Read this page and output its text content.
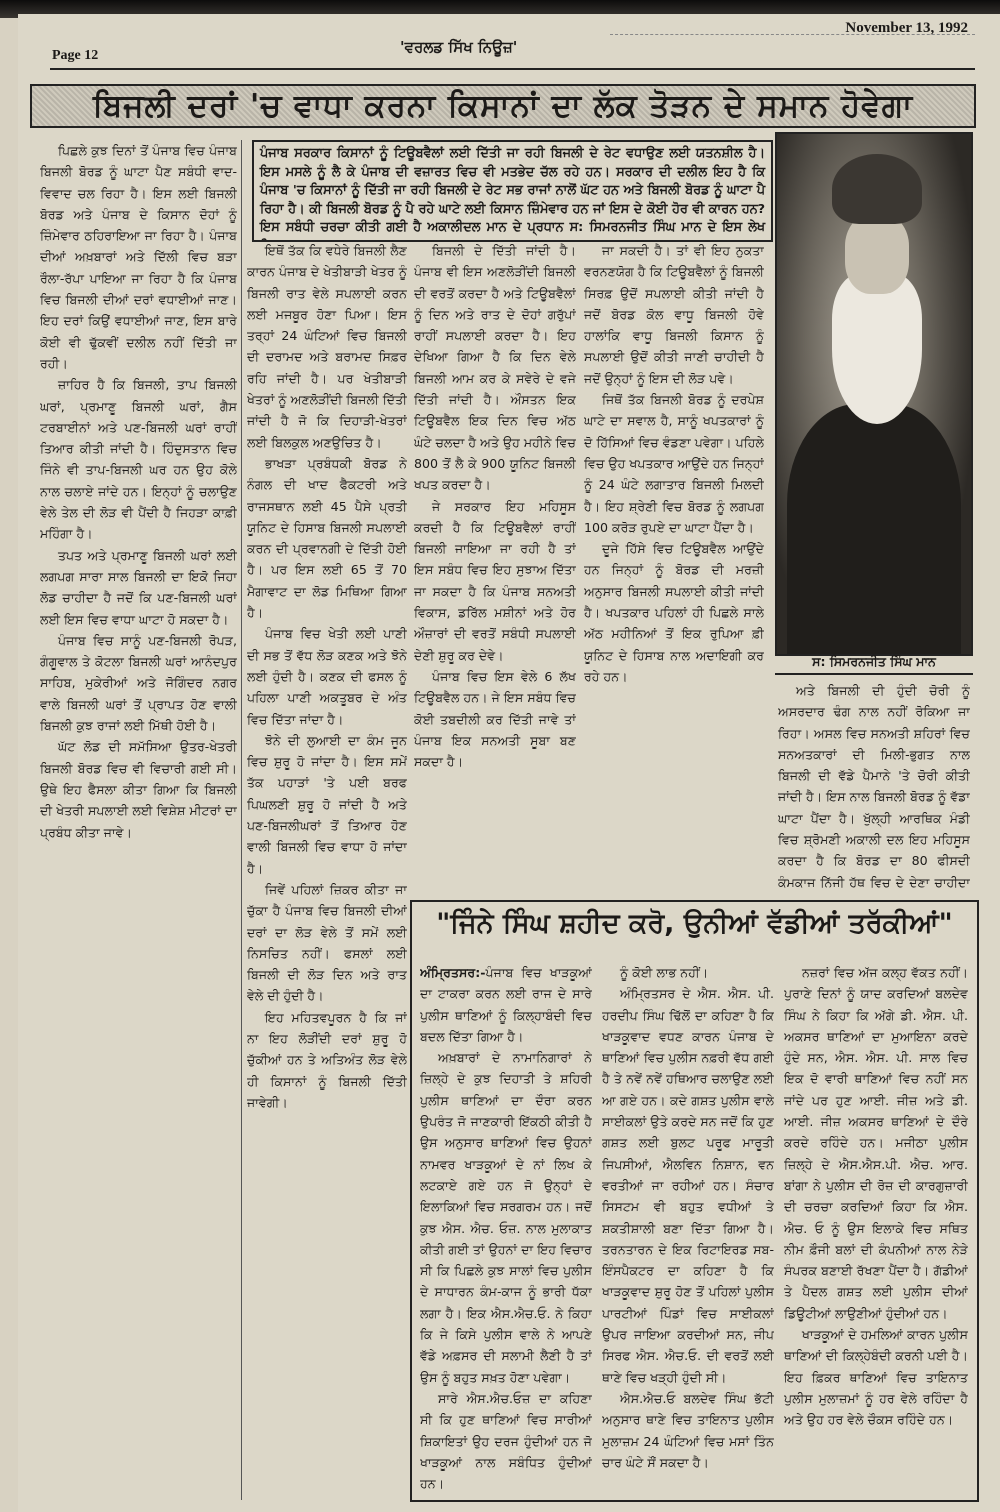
Page 12	'ਵਰਲਡ ਸਿੱਖ ਨਿਊਜ਼'
November 13, 1992
ਬਿਜਲੀ ਦਰਾਂ 'ਚ ਵਾਧਾ ਕਰਨਾ ਕਿਸਾਨਾਂ ਦਾ ਲੱਕ ਤੋੜਨ ਦੇ ਸਮਾਨ ਹੋਵੇਗਾ

ਪਿਛਲੇ ਕੁਝ ਦਿਨਾਂ ਤੋਂ ਪੰਜਾਬ ਵਿਚ ਪੰਜਾਬ ਬਿਜਲੀ ਬੋਰਡ ਨੂੰ ਘਾਟਾ ਪੈਣ ਸਬੰਧੀ ਵਾਦ-ਵਿਵਾਦ ਚਲ ਰਿਹਾ ਹੈ। ਇਸ ਲਈ ਬਿਜਲੀ ਬੋਰਡ ਅਤੇ ਪੰਜਾਬ ਦੇ ਕਿਸਾਨ ਦੋਹਾਂ ਨੂੰ ਜ਼ਿੰਮੇਵਾਰ ਠਹਿਰਾਇਆ ਜਾ ਰਿਹਾ ਹੈ। ਪੰਜਾਬ ਦੀਆਂ ਅਖ਼ਬਾਰਾਂ ਅਤੇ ਦਿੱਲੀ ਵਿਚ ਬੜਾ ਰੌਲਾ-ਰੱਪਾ ਪਾਇਆ ਜਾ ਰਿਹਾ ਹੈ ਕਿ ਪੰਜਾਬ ਵਿਚ ਬਿਜਲੀ ਦੀਆਂ ਦਰਾਂ ਵਧਾਈਆਂ ਜਾਣ। ਇਹ ਦਰਾਂ ਕਿਉਂ ਵਧਾਈਆਂ ਜਾਣ, ਇਸ ਬਾਰੇ ਕੋਈ ਵੀ ਢੁੱਕਵੀਂ ਦਲੀਲ ਨਹੀਂ ਦਿੱਤੀ ਜਾ ਰਹੀ।

ਜ਼ਾਹਿਰ ਹੈ ਕਿ ਬਿਜਲੀ, ਤਾਪ ਬਿਜਲੀ ਘਰਾਂ, ਪ੍ਰਮਾਣੂ ਬਿਜਲੀ ਘਰਾਂ, ਗੈਸ ਟਰਬਾਈਨਾਂ ਅਤੇ ਪਣ-ਬਿਜਲੀ ਘਰਾਂ ਰਾਹੀਂ ਤਿਆਰ ਕੀਤੀ ਜਾਂਦੀ ਹੈ। ਹਿੰਦੁਸਤਾਨ ਵਿਚ ਜਿੰਨੇ ਵੀ ਤਾਪ-ਬਿਜਲੀ ਘਰ ਹਨ ਉਹ ਕੋਲੇ ਨਾਲ ਚਲਾਏ ਜਾਂਦੇ ਹਨ। ਇਨ੍ਹਾਂ ਨੂੰ ਚਲਾਉਣ ਵੇਲੇ ਤੇਲ ਦੀ ਲੋੜ ਵੀ ਪੈਂਦੀ ਹੈ ਜਿਹੜਾ ਕਾਫ਼ੀ ਮਹਿੰਗਾ ਹੈ।

ਤਪਤ ਅਤੇ ਪ੍ਰਮਾਣੂ ਬਿਜਲੀ ਘਰਾਂ ਲਈ ਲਗਪਗ ਸਾਰਾ ਸਾਲ ਬਿਜਲੀ ਦਾ ਇਕੋ ਜਿਹਾ ਲੋਡ ਚਾਹੀਦਾ ਹੈ ਜਦੋਂ ਕਿ ਪਣ-ਬਿਜਲੀ ਘਰਾਂ ਲਈ ਇਸ ਵਿਚ ਵਾਧਾ ਘਾਟਾ ਹੋ ਸਕਦਾ ਹੈ।

ਪੰਜਾਬ ਵਿਚ ਸਾਨੂੰ ਪਣ-ਬਿਜਲੀ ਰੋਪੜ, ਗੰਗੂਵਾਲ ਤੇ ਕੋਟਲਾ ਬਿਜਲੀ ਘਰਾਂ ਆਨੰਦਪੁਰ ਸਾਹਿਬ, ਮੁਕੇਰੀਆਂ ਅਤੇ ਜੋਗਿੰਦਰ ਨਗਰ ਵਾਲੇ ਬਿਜਲੀ ਘਰਾਂ ਤੋਂ ਪ੍ਰਾਪਤ ਹੋਣ ਵਾਲੀ ਬਿਜਲੀ ਕੁਝ ਰਾਜਾਂ ਲਈ ਮਿੱਥੀ ਹੋਈ ਹੈ।

ਘੱਟ ਲੋਡ ਦੀ ਸਮੱਸਿਆ ਉਤਰ-ਖੇਤਰੀ ਬਿਜਲੀ ਬੋਰਡ ਵਿਚ ਵੀ ਵਿਚਾਰੀ ਗਈ ਸੀ। ਉਥੇ ਇਹ ਫੈਸਲਾ ਕੀਤਾ ਗਿਆ ਕਿ ਬਿਜਲੀ ਦੀ ਖੇਤਰੀ ਸਪਲਾਈ ਲਈ ਵਿਸ਼ੇਸ਼ ਮੀਟਰਾਂ ਦਾ ਪ੍ਰਬੰਧ ਕੀਤਾ ਜਾਵੇ।

ਪੰਜਾਬ ਸਰਕਾਰ ਕਿਸਾਨਾਂ ਨੂੰ ਟਿਊਬਵੈਲਾਂ ਲਈ ਦਿੱਤੀ ਜਾ ਰਹੀ ਬਿਜਲੀ ਦੇ ਰੇਟ ਵਧਾਉਣ ਲਈ ਯਤਨਸ਼ੀਲ ਹੈ। ਇਸ ਮਸਲੇ ਨੂੰ ਲੈ ਕੇ ਪੰਜਾਬ ਦੀ ਵਜ਼ਾਰਤ ਵਿਚ ਵੀ ਮਤਭੇਦ ਚੱਲ ਰਹੇ ਹਨ। ਸਰਕਾਰ ਦੀ ਦਲੀਲ ਇਹ ਹੈ ਕਿ ਪੰਜਾਬ 'ਚ ਕਿਸਾਨਾਂ ਨੂੰ ਦਿੱਤੀ ਜਾ ਰਹੀ ਬਿਜਲੀ ਦੇ ਰੇਟ ਸਭ ਰਾਜਾਂ ਨਾਲੋਂ ਘੱਟ ਹਨ ਅਤੇ ਬਿਜਲੀ ਬੋਰਡ ਨੂੰ ਘਾਟਾ ਪੈ ਰਿਹਾ ਹੈ। ਕੀ ਬਿਜਲੀ ਬੋਰਡ ਨੂੰ ਪੈ ਰਹੇ ਘਾਟੇ ਲਈ ਕਿਸਾਨ ਜ਼ਿੰਮੇਵਾਰ ਹਨ ਜਾਂ ਇਸ ਦੇ ਕੋਈ ਹੋਰ ਵੀ ਕਾਰਨ ਹਨ? ਇਸ ਸਬੰਧੀ ਚਰਚਾ ਕੀਤੀ ਗਈ ਹੈ ਅਕਾਲੀਦਲ ਮਾਨ ਦੇ ਪ੍ਰਧਾਨ ਸ: ਸਿਮਰਨਜੀਤ ਸਿੰਘ ਮਾਨ ਦੇ ਇਸ ਲੇਖ

ਇਥੋਂ ਤੱਕ ਕਿ ਵਧੇਰੇ ਬਿਜਲੀ ਲੈਣ ਕਾਰਨ ਪੰਜਾਬ ਦੇ ਖੇਤੀਬਾੜੀ ਖੇਤਰ ਨੂੰ ਬਿਜਲੀ ਰਾਤ ਵੇਲੇ ਸਪਲਾਈ ਕਰਨ ਲਈ ਮਜਬੂਰ ਹੋਣਾ ਪਿਆ। ਇਸ ਤਰ੍ਹਾਂ 24 ਘੰਟਿਆਂ ਵਿਚ ਬਿਜਲੀ ਦੀ ਦਰਾਮਦ ਅਤੇ ਬਰਾਮਦ ਸਿਫ਼ਰ ਰਹਿ ਜਾਂਦੀ ਹੈ। ਪਰ ਖੇਤੀਬਾੜੀ ਖੇਤਰਾਂ ਨੂੰ ਅਣਲੋੜੀਂਦੀ ਬਿਜਲੀ ਦਿੱਤੀ ਜਾਂਦੀ ਹੈ ਜੋ ਕਿ ਦਿਹਾੜੀ-ਖੇਤਰਾਂ ਲਈ ਬਿਲਕੁਲ ਅਣਉਚਿਤ ਹੈ।

ਭਾਖੜਾ ਪ੍ਰਬੰਧਕੀ ਬੋਰਡ ਨੇ ਨੰਗਲ ਦੀ ਖਾਦ ਫੈਕਟਰੀ ਅਤੇ ਰਾਜਸਥਾਨ ਲਈ 45 ਪੈਸੇ ਪ੍ਰਤੀ ਯੂਨਿਟ ਦੇ ਹਿਸਾਬ ਬਿਜਲੀ ਸਪਲਾਈ ਕਰਨ ਦੀ ਪ੍ਰਵਾਨਗੀ ਦੇ ਦਿੱਤੀ ਹੋਈ ਹੈ। ਪਰ ਇਸ ਲਈ 65 ਤੋਂ 70 ਮੈਗਾਵਾਟ ਦਾ ਲੋਡ ਮਿਥਿਆ ਗਿਆ ਹੈ।

ਪੰਜਾਬ ਵਿਚ ਖੇਤੀ ਲਈ ਪਾਣੀ ਦੀ ਸਭ ਤੋਂ ਵੱਧ ਲੋੜ ਕਣਕ ਅਤੇ ਝੋਨੇ ਲਈ ਹੁੰਦੀ ਹੈ। ਕਣਕ ਦੀ ਫਸਲ ਨੂੰ ਪਹਿਲਾ ਪਾਣੀ ਅਕਤੂਬਰ ਦੇ ਅੰਤ ਵਿਚ ਦਿੱਤਾ ਜਾਂਦਾ ਹੈ।

ਝੋਨੇ ਦੀ ਲੁਆਈ ਦਾ ਕੰਮ ਜੂਨ ਵਿਚ ਸ਼ੁਰੂ ਹੋ ਜਾਂਦਾ ਹੈ। ਇਸ ਸਮੇਂ ਤੱਕ ਪਹਾੜਾਂ 'ਤੇ ਪਈ ਬਰਫ ਪਿਘਲਣੀ ਸ਼ੁਰੂ ਹੋ ਜਾਂਦੀ ਹੈ ਅਤੇ ਪਣ-ਬਿਜਲੀਘਰਾਂ ਤੋਂ ਤਿਆਰ ਹੋਣ ਵਾਲੀ ਬਿਜਲੀ ਵਿਚ ਵਾਧਾ ਹੋ ਜਾਂਦਾ ਹੈ।

ਜਿਵੇਂ ਪਹਿਲਾਂ ਜ਼ਿਕਰ ਕੀਤਾ ਜਾ ਚੁੱਕਾ ਹੈ ਪੰਜਾਬ ਵਿਚ ਬਿਜਲੀ ਦੀਆਂ ਦਰਾਂ ਦਾ ਲੋੜ ਵੇਲੇ ਤੋਂ ਸਮੇਂ ਲਈ ਨਿਸਚਿਤ ਨਹੀਂ। ਫਸਲਾਂ ਲਈ ਬਿਜਲੀ ਦੀ ਲੋੜ ਦਿਨ ਅਤੇ ਰਾਤ ਵੇਲੇ ਦੀ ਹੁੰਦੀ ਹੈ।

ਇਹ ਮਹਿਤਵਪੂਰਨ ਹੈ ਕਿ ਜਾਂ ਨਾ ਇਹ ਲੋੜੀਂਦੀ ਦਰਾਂ ਸ਼ੁਰੂ ਹੋ ਚੁੱਕੀਆਂ ਹਨ ਤੇ ਅਤਿਅੰਤ ਲੋੜ ਵੇਲੇ ਹੀ ਕਿਸਾਨਾਂ ਨੂੰ ਬਿਜਲੀ ਦਿੱਤੀ ਜਾਵੇਗੀ।

ਬਿਜਲੀ ਦੇ ਦਿੱਤੀ ਜਾਂਦੀ ਹੈ। ਪੰਜਾਬ ਵੀ ਇਸ ਅਣਲੋੜੀਂਦੀ ਬਿਜਲੀ ਦੀ ਵਰਤੋਂ ਕਰਦਾ ਹੈ ਅਤੇ ਟਿਊਬਵੈਲਾਂ ਨੂੰ ਦਿਨ ਅਤੇ ਰਾਤ ਦੇ ਦੋਹਾਂ ਗਰੁੱਪਾਂ ਰਾਹੀਂ ਸਪਲਾਈ ਕਰਦਾ ਹੈ। ਇਹ ਦੇਖਿਆ ਗਿਆ ਹੈ ਕਿ ਦਿਨ ਵੇਲੇ ਬਿਜਲੀ ਆਮ ਕਰ ਕੇ ਸਵੇਰੇ ਦੇ ਵਜੇ ਦਿੱਤੀ ਜਾਂਦੀ ਹੈ। ਔਸਤਨ ਇਕ ਟਿਊਬਵੈਲ ਇਕ ਦਿਨ ਵਿਚ ਅੱਠ ਘੰਟੇ ਚਲਦਾ ਹੈ ਅਤੇ ਉਹ ਮਹੀਨੇ ਵਿਚ 800 ਤੋਂ ਲੈ ਕੇ 900 ਯੂਨਿਟ ਬਿਜਲੀ ਖਪਤ ਕਰਦਾ ਹੈ।

ਜੇ ਸਰਕਾਰ ਇਹ ਮਹਿਸੂਸ ਕਰਦੀ ਹੈ ਕਿ ਟਿਊਬਵੈਲਾਂ ਰਾਹੀਂ ਬਿਜਲੀ ਜਾਇਆ ਜਾ ਰਹੀ ਹੈ ਤਾਂ ਇਸ ਸਬੰਧ ਵਿਚ ਇਹ ਸੁਝਾਅ ਦਿੱਤਾ ਜਾ ਸਕਦਾ ਹੈ ਕਿ ਪੰਜਾਬ ਸਨਅਤੀ ਵਿਕਾਸ, ਡਰਿੱਲ ਮਸ਼ੀਨਾਂ ਅਤੇ ਹੋਰ ਔਜ਼ਾਰਾਂ ਦੀ ਵਰਤੋਂ ਸਬੰਧੀ ਸਪਲਾਈ ਦੇਣੀ ਸ਼ੁਰੂ ਕਰ ਦੇਵੇ।

ਪੰਜਾਬ ਵਿਚ ਇਸ ਵੇਲੇ 6 ਲੱਖ ਟਿਊਬਵੈਲ ਹਨ। ਜੇ ਇਸ ਸਬੰਧ ਵਿਚ ਕੋਈ ਤਬਦੀਲੀ ਕਰ ਦਿੱਤੀ ਜਾਵੇ ਤਾਂ ਪੰਜਾਬ ਇਕ ਸਨਅਤੀ ਸੂਬਾ ਬਣ ਸਕਦਾ ਹੈ।

ਜਾ ਸਕਦੀ ਹੈ। ਤਾਂ ਵੀ ਇਹ ਨੁਕਤਾ ਵਰਨਣਯੋਗ ਹੈ ਕਿ ਟਿਊਬਵੈਲਾਂ ਨੂੰ ਬਿਜਲੀ ਸਿਰਫ਼ ਉਦੋਂ ਸਪਲਾਈ ਕੀਤੀ ਜਾਂਦੀ ਹੈ ਜਦੋਂ ਬੋਰਡ ਕੋਲ ਵਾਧੂ ਬਿਜਲੀ ਹੋਵੇ ਹਾਲਾਂਕਿ ਵਾਧੂ ਬਿਜਲੀ ਕਿਸਾਨ ਨੂੰ ਸਪਲਾਈ ਉਦੋਂ ਕੀਤੀ ਜਾਣੀ ਚਾਹੀਦੀ ਹੈ ਜਦੋਂ ਉਨ੍ਹਾਂ ਨੂੰ ਇਸ ਦੀ ਲੋੜ ਪਵੇ।

ਜਿਥੋਂ ਤੱਕ ਬਿਜਲੀ ਬੋਰਡ ਨੂੰ ਦਰਪੇਸ਼ ਘਾਟੇ ਦਾ ਸਵਾਲ ਹੈ, ਸਾਨੂੰ ਖਪਤਕਾਰਾਂ ਨੂੰ ਦੋ ਹਿੱਸਿਆਂ ਵਿਚ ਵੰਡਣਾ ਪਵੇਗਾ। ਪਹਿਲੇ ਵਿਚ ਉਹ ਖਪਤਕਾਰ ਆਉਂਦੇ ਹਨ ਜਿਨ੍ਹਾਂ ਨੂੰ 24 ਘੰਟੇ ਲਗਾਤਾਰ ਬਿਜਲੀ ਮਿਲਦੀ ਹੈ। ਇਹ ਸ਼੍ਰੇਣੀ ਵਿਚ ਬੋਰਡ ਨੂੰ ਲਗਪਗ 100 ਕਰੋੜ ਰੁਪਏ ਦਾ ਘਾਟਾ ਪੈਂਦਾ ਹੈ।

ਦੂਜੇ ਹਿੱਸੇ ਵਿਚ ਟਿਊਬਵੈਲ ਆਉਂਦੇ ਹਨ ਜਿਨ੍ਹਾਂ ਨੂੰ ਬੋਰਡ ਦੀ ਮਰਜ਼ੀ ਅਨੁਸਾਰ ਬਿਜਲੀ ਸਪਲਾਈ ਕੀਤੀ ਜਾਂਦੀ ਹੈ। ਖਪਤਕਾਰ ਪਹਿਲਾਂ ਹੀ ਪਿਛਲੇ ਸਾਲੇ ਅੱਠ ਮਹੀਨਿਆਂ ਤੋਂ ਇਕ ਰੁਪਿਆ ਫ਼ੀ ਯੂਨਿਟ ਦੇ ਹਿਸਾਬ ਨਾਲ ਅਦਾਇਗੀ ਕਰ ਰਹੇ ਹਨ।

ਸ: ਸਿਮਰਨਜੀਤ ਸਿੰਘ ਮਾਨ

ਅਤੇ ਬਿਜਲੀ ਦੀ ਹੁੰਦੀ ਚੋਰੀ ਨੂੰ ਅਸਰਦਾਰ ਢੰਗ ਨਾਲ ਨਹੀਂ ਰੋਕਿਆ ਜਾ ਰਿਹਾ। ਅਸਲ ਵਿਚ ਸਨਅਤੀ ਸ਼ਹਿਰਾਂ ਵਿਚ ਸਨਅਤਕਾਰਾਂ ਦੀ ਮਿਲੀ-ਭੁਗਤ ਨਾਲ ਬਿਜਲੀ ਦੀ ਵੱਡੇ ਪੈਮਾਨੇ 'ਤੇ ਚੋਰੀ ਕੀਤੀ ਜਾਂਦੀ ਹੈ। ਇਸ ਨਾਲ ਬਿਜਲੀ ਬੋਰਡ ਨੂੰ ਵੱਡਾ ਘਾਟਾ ਪੈਂਦਾ ਹੈ। ਖੁੱਲ੍ਹੀ ਆਰਥਿਕ ਮੰਡੀ ਵਿਚ ਸ਼੍ਰੋਮਣੀ ਅਕਾਲੀ ਦਲ ਇਹ ਮਹਿਸੂਸ ਕਰਦਾ ਹੈ ਕਿ ਬੋਰਡ ਦਾ 80 ਫੀਸਦੀ ਕੰਮਕਾਜ ਨਿੱਜੀ ਹੱਥ ਵਿਚ ਦੇ ਦੇਣਾ ਚਾਹੀਦਾ

"ਜਿੰਨੇ ਸਿੰਘ ਸ਼ਹੀਦ ਕਰੋ, ਉਨੀਆਂ ਵੱਡੀਆਂ ਤਰੱਕੀਆਂ"

ਅੰਮ੍ਰਿਤਸਰ:-ਪੰਜਾਬ ਵਿਚ ਖਾੜਕੂਆਂ ਦਾ ਟਾਕਰਾ ਕਰਨ ਲਈ ਰਾਜ ਦੇ ਸਾਰੇ ਪੁਲੀਸ ਥਾਣਿਆਂ ਨੂੰ ਕਿਲ੍ਹਾਬੰਦੀ ਵਿਚ ਬਦਲ ਦਿੱਤਾ ਗਿਆ ਹੈ।

ਅਖ਼ਬਾਰਾਂ ਦੇ ਨਾਮਾਨਿਗਾਰਾਂ ਨੇ ਜ਼ਿਲ੍ਹੇ ਦੇ ਕੁਝ ਦਿਹਾਤੀ ਤੇ ਸ਼ਹਿਰੀ ਪੁਲੀਸ ਥਾਣਿਆਂ ਦਾ ਦੌਰਾ ਕਰਨ ਉਪਰੰਤ ਜੋ ਜਾਣਕਾਰੀ ਇੱਕਠੀ ਕੀਤੀ ਹੈ ਉਸ ਅਨੁਸਾਰ ਥਾਣਿਆਂ ਵਿਚ ਉਹਨਾਂ ਨਾਮਵਰ ਖਾੜਕੂਆਂ ਦੇ ਨਾਂ ਲਿਖ ਕੇ ਲਟਕਾਏ ਗਏ ਹਨ ਜੋ ਉਨ੍ਹਾਂ ਦੇ ਇਲਾਕਿਆਂ ਵਿਚ ਸਰਗਰਮ ਹਨ। ਜਦੋਂ ਕੁਝ ਐਸ. ਐਚ. ਓਜ਼. ਨਾਲ ਮੁਲਾਕਾਤ ਕੀਤੀ ਗਈ ਤਾਂ ਉਹਨਾਂ ਦਾ ਇਹ ਵਿਚਾਰ ਸੀ ਕਿ ਪਿਛਲੇ ਕੁਝ ਸਾਲਾਂ ਵਿਚ ਪੁਲੀਸ ਦੇ ਸਾਧਾਰਨ ਕੰਮ-ਕਾਜ ਨੂੰ ਭਾਰੀ ਧੱਕਾ ਲਗਾ ਹੈ। ਇਕ ਐਸ.ਐਚ.ਓ. ਨੇ ਕਿਹਾ ਕਿ ਜੇ ਕਿਸੇ ਪੁਲੀਸ ਵਾਲੇ ਨੇ ਆਪਣੇ ਵੱਡੇ ਅਫ਼ਸਰ ਦੀ ਸਲਾਮੀ ਲੈਣੀ ਹੈ ਤਾਂ ਉਸ ਨੂੰ ਬਹੁਤ ਸਖ਼ਤ ਹੋਣਾ ਪਵੇਗਾ।

ਸਾਰੇ ਐਸ.ਐਚ.ਓਜ਼ ਦਾ ਕਹਿਣਾ ਸੀ ਕਿ ਹੁਣ ਥਾਣਿਆਂ ਵਿਚ ਸਾਰੀਆਂ ਸ਼ਿਕਾਇਤਾਂ ਉਹ ਦਰਜ ਹੁੰਦੀਆਂ ਹਨ ਜੋ ਖਾੜਕੂਆਂ ਨਾਲ ਸਬੰਧਿਤ ਹੁੰਦੀਆਂ ਹਨ।

ਨੂੰ ਕੋਈ ਲਾਭ ਨਹੀਂ।

ਅੰਮ੍ਰਿਤਸਰ ਦੇ ਐਸ. ਐਸ. ਪੀ. ਹਰਦੀਪ ਸਿੰਘ ਢਿੱਲੋਂ ਦਾ ਕਹਿਣਾ ਹੈ ਕਿ ਖਾੜਕੂਵਾਦ ਵਧਣ ਕਾਰਨ ਪੰਜਾਬ ਦੇ ਥਾਣਿਆਂ ਵਿਚ ਪੁਲੀਸ ਨਫ਼ਰੀ ਵੱਧ ਗਈ ਹੈ ਤੇ ਨਵੇਂ ਨਵੇਂ ਹਥਿਆਰ ਚਲਾਉਣ ਲਈ ਆ ਗਏ ਹਨ। ਕਦੇ ਗਸ਼ਤ ਪੁਲੀਸ ਵਾਲੇ ਸਾਈਕਲਾਂ ਉਤੇ ਕਰਦੇ ਸਨ ਜਦੋਂ ਕਿ ਹੁਣ ਗਸ਼ਤ ਲਈ ਬੁਲਟ ਪਰੂਫ ਮਾਰੂਤੀ ਜਿਪਸੀਆਂ, ਐਲਵਿਨ ਨਿਸ਼ਾਨ, ਵਨ ਵਰਤੀਆਂ ਜਾ ਰਹੀਆਂ ਹਨ। ਸੰਚਾਰ ਸਿਸਟਮ ਵੀ ਬਹੁਤ ਵਧੀਆਂ ਤੇ ਸ਼ਕਤੀਸ਼ਾਲੀ ਬਣਾ ਦਿੱਤਾ ਗਿਆ ਹੈ। ਤਰਨਤਾਰਨ ਦੇ ਇਕ ਰਿਟਾਇਰਡ ਸਬ-ਇੰਸਪੈਕਟਰ ਦਾ ਕਹਿਣਾ ਹੈ ਕਿ ਖਾੜਕੂਵਾਦ ਸ਼ੁਰੂ ਹੋਣ ਤੋਂ ਪਹਿਲਾਂ ਪੁਲੀਸ ਪਾਰਟੀਆਂ ਪਿੰਡਾਂ ਵਿਚ ਸਾਈਕਲਾਂ ਉਪਰ ਜਾਇਆ ਕਰਦੀਆਂ ਸਨ, ਜੀਪ ਸਿਰਫ ਐਸ. ਐਚ.ਓ. ਦੀ ਵਰਤੋਂ ਲਈ ਥਾਣੇ ਵਿਚ ਖੜ੍ਹੀ ਹੁੰਦੀ ਸੀ।

ਐਸ.ਐਚ.ਓ ਬਲਦੇਵ ਸਿੰਘ ਭੱਟੀ ਅਨੁਸਾਰ ਥਾਣੇ ਵਿਚ ਤਾਇਨਾਤ ਪੁਲੀਸ ਮੁਲਾਜ਼ਮ 24 ਘੰਟਿਆਂ ਵਿਚ ਮਸਾਂ ਤਿੰਨ ਚਾਰ ਘੰਟੇ ਸੌਂ ਸਕਦਾ ਹੈ।

ਨਜ਼ਰਾਂ ਵਿਚ ਅੱਜ ਕਲ੍ਹ ਵੱਕਤ ਨਹੀਂ। ਪੁਰਾਣੇ ਦਿਨਾਂ ਨੂੰ ਯਾਦ ਕਰਦਿਆਂ ਬਲਦੇਵ ਸਿੰਘ ਨੇ ਕਿਹਾ ਕਿ ਅੱਗੇ ਡੀ. ਐਸ. ਪੀ. ਅਕਸਰ ਥਾਣਿਆਂ ਦਾ ਮੁਆਇਨਾ ਕਰਦੇ ਹੁੰਦੇ ਸਨ, ਐਸ. ਐਸ. ਪੀ. ਸਾਲ ਵਿਚ ਇਕ ਦੋ ਵਾਰੀ ਥਾਣਿਆਂ ਵਿਚ ਨਹੀਂ ਸਨ ਜਾਂਦੇ ਪਰ ਹੁਣ ਆਈ. ਜੀਜ਼ ਅਤੇ ਡੀ. ਆਈ. ਜੀਜ਼ ਅਕਸਰ ਥਾਣਿਆਂ ਦੇ ਦੌਰੇ ਕਰਦੇ ਰਹਿੰਦੇ ਹਨ। ਮਜੀਠਾ ਪੁਲੀਸ ਜ਼ਿਲ੍ਹੇ ਦੇ ਐਸ.ਐਸ.ਪੀ. ਐਚ. ਆਰ. ਬਾਂਗਾ ਨੇ ਪੁਲੀਸ ਦੀ ਰੋਜ਼ ਦੀ ਕਾਰਗੁਜ਼ਾਰੀ ਦੀ ਚਰਚਾ ਕਰਦਿਆਂ ਕਿਹਾ ਕਿ ਐਸ. ਐਚ. ਓ ਨੂੰ ਉਸ ਇਲਾਕੇ ਵਿਚ ਸਥਿਤ ਨੀਮ ਫ਼ੌਜੀ ਬਲਾਂ ਦੀ ਕੰਪਨੀਆਂ ਨਾਲ ਨੇੜੇ ਸੰਪਰਕ ਬਣਾਈ ਰੱਖਣਾ ਪੈਂਦਾ ਹੈ। ਗੱਡੀਆਂ ਤੇ ਪੈਦਲ ਗਸ਼ਤ ਲਈ ਪੁਲੀਸ ਦੀਆਂ ਡਿਊਟੀਆਂ ਲਾਉਣੀਆਂ ਹੁੰਦੀਆਂ ਹਨ।

ਖਾੜਕੂਆਂ ਦੇ ਹਮਲਿਆਂ ਕਾਰਨ ਪੁਲੀਸ ਥਾਣਿਆਂ ਦੀ ਕਿਲ੍ਹੇਬੰਦੀ ਕਰਨੀ ਪਈ ਹੈ। ਇਹ ਫ਼ਿਕਰ ਥਾਣਿਆਂ ਵਿਚ ਤਾਇਨਾਤ ਪੁਲੀਸ ਮੁਲਾਜ਼ਮਾਂ ਨੂੰ ਹਰ ਵੇਲੇ ਰਹਿੰਦਾ ਹੈ ਅਤੇ ਉਹ ਹਰ ਵੇਲੇ ਚੌਕਸ ਰਹਿੰਦੇ ਹਨ।
